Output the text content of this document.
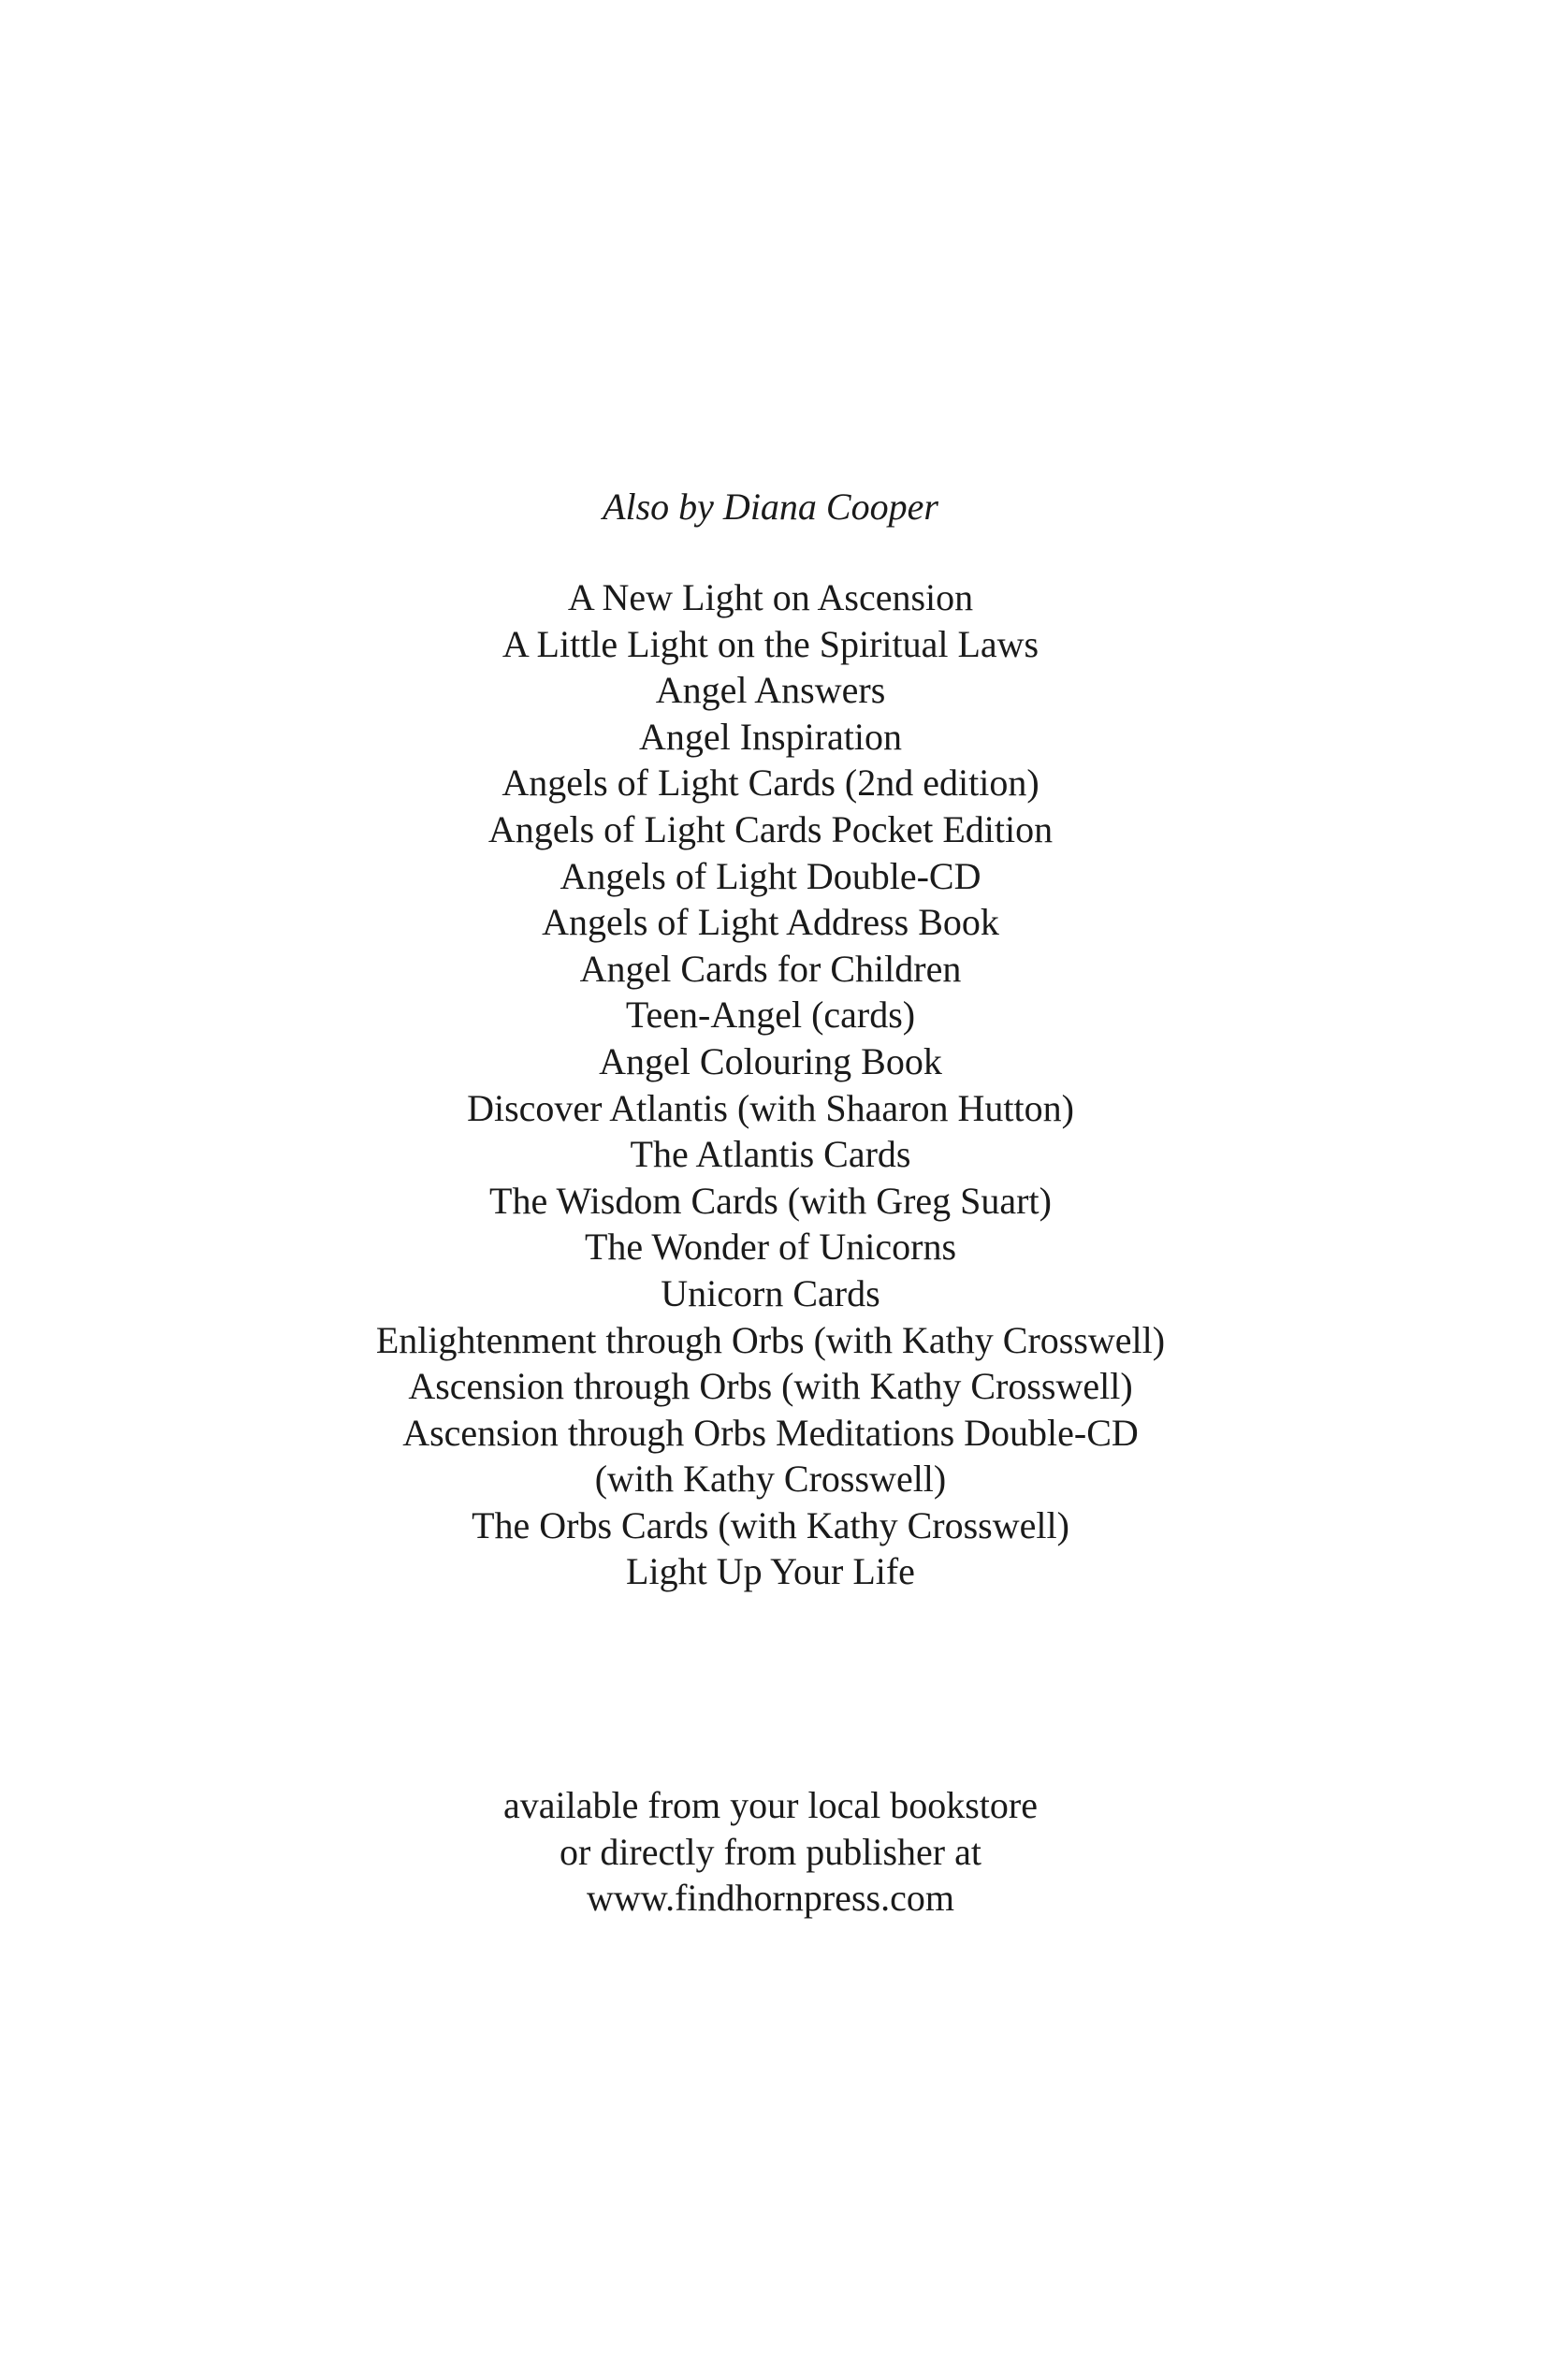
Also by Diana Cooper
A New Light on Ascension
A Little Light on the Spiritual Laws
Angel Answers
Angel Inspiration
Angels of Light Cards (2nd edition)
Angels of Light Cards Pocket Edition
Angels of Light Double-CD
Angels of Light Address Book
Angel Cards for Children
Teen-Angel (cards)
Angel Colouring Book
Discover Atlantis (with Shaaron Hutton)
The Atlantis Cards
The Wisdom Cards (with Greg Suart)
The Wonder of Unicorns
Unicorn Cards
Enlightenment through Orbs (with Kathy Crosswell)
Ascension through Orbs (with Kathy Crosswell)
Ascension through Orbs Meditations Double-CD
(with Kathy Crosswell)
The Orbs Cards (with Kathy Crosswell)
Light Up Your Life
available from your local bookstore
or directly from publisher at
www.findhornpress.com
